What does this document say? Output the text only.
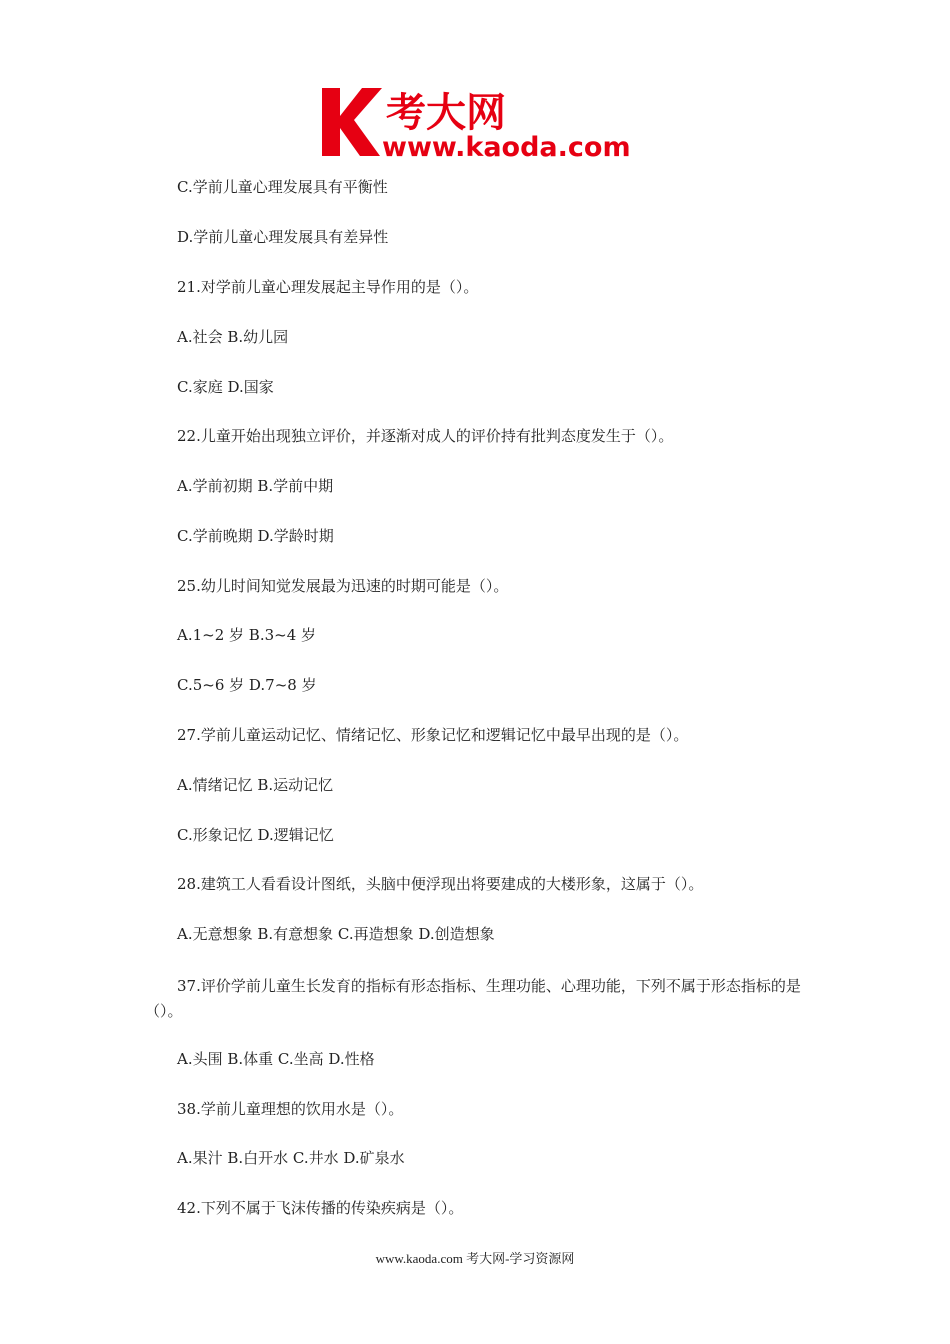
考大网
www.kaoda.com
C.学前儿童心理发展具有平衡性
D.学前儿童心理发展具有差异性
21.对学前儿童心理发展起主导作用的是（）。
A.社会 B.幼儿园
C.家庭 D.国家
22.儿童开始出现独立评价，并逐渐对成人的评价持有批判态度发生于（）。
A.学前初期 B.学前中期
C.学前晚期 D.学龄时期
25.幼儿时间知觉发展最为迅速的时期可能是（）。
A.1~2 岁 B.3~4 岁
C.5~6 岁 D.7~8 岁
27.学前儿童运动记忆、情绪记忆、形象记忆和逻辑记忆中最早出现的是（）。
A.情绪记忆 B.运动记忆
C.形象记忆 D.逻辑记忆
28.建筑工人看看设计图纸，头脑中便浮现出将要建成的大楼形象，这属于（）。
A.无意想象 B.有意想象 C.再造想象 D.创造想象
37.评价学前儿童生长发育的指标有形态指标、生理功能、心理功能，下列不属于形态指标的是（）。
A.头围 B.体重 C.坐高 D.性格
38.学前儿童理想的饮用水是（）。
A.果汁 B.白开水 C.井水 D.矿泉水
42.下列不属于飞沫传播的传染疾病是（）。
www.kaoda.com 考大网-学习资源网
